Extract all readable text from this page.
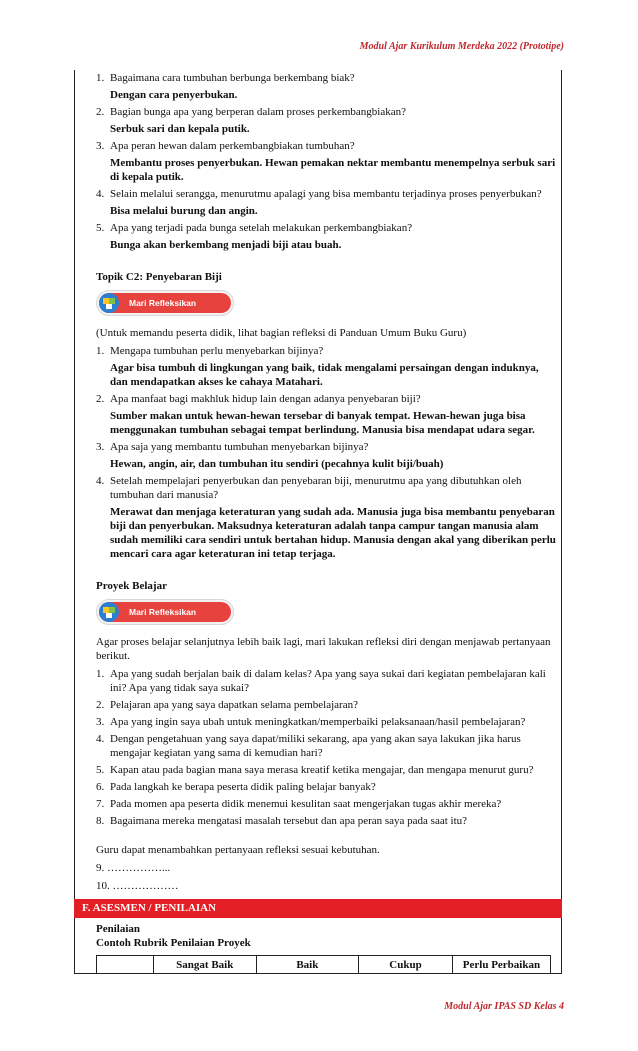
Modul Ajar Kurikulum Merdeka 2022 (Prototipe)
1. Bagaimana cara tumbuhan berbunga berkembang biak?
Dengan cara penyerbukan.
2. Bagian bunga apa yang berperan dalam proses perkembangbiakan?
Serbuk sari dan kepala putik.
3. Apa peran hewan dalam perkembangbiakan tumbuhan?
Membantu proses penyerbukan. Hewan pemakan nektar membantu menempelnya serbuk sari di kepala putik.
4. Selain melalui serangga, menurutmu apalagi yang bisa membantu terjadinya proses penyerbukan?
Bisa melalui burung dan angin.
5. Apa yang terjadi pada bunga setelah melakukan perkembangbiakan?
Bunga akan berkembang menjadi biji atau buah.
Topik C2: Penyebaran Biji
Mari Refleksikan

(Untuk memandu peserta didik, lihat bagian refleksi di Panduan Umum Buku Guru)

1. Mengapa tumbuhan perlu menyebarkan bijinya?
Agar bisa tumbuh di lingkungan yang baik, tidak mengalami persaingan dengan induknya, dan mendapatkan akses ke cahaya Matahari.
2. Apa manfaat bagi makhluk hidup lain dengan adanya penyebaran biji?
Sumber makan untuk hewan-hewan tersebar di banyak tempat. Hewan-hewan juga bisa menggunakan tumbuhan sebagai tempat berlindung. Manusia bisa mendapat udara segar.
3. Apa saja yang membantu tumbuhan menyebarkan bijinya?
Hewan, angin, air, dan tumbuhan itu sendiri (pecahnya kulit biji/buah)
4. Setelah mempelajari penyerbukan dan penyebaran biji, menurutmu apa yang dibutuhkan oleh tumbuhan dari manusia?
Merawat dan menjaga keteraturan yang sudah ada. Manusia juga bisa membantu penyebaran biji dan penyerbukan. Maksudnya keteraturan adalah tanpa campur tangan manusia alam sudah memiliki cara sendiri untuk bertahan hidup. Manusia dengan akal yang diberikan perlu mencari cara agar keteraturan ini tetap terjaga.
Proyek Belajar
Mari Refleksikan

Agar proses belajar selanjutnya lebih baik lagi, mari lakukan refleksi diri dengan menjawab pertanyaan berikut.

1. Apa yang sudah berjalan baik di dalam kelas? Apa yang saya sukai dari kegiatan pembelajaran kali ini? Apa yang tidak saya sukai?
2. Pelajaran apa yang saya dapatkan selama pembelajaran?
3. Apa yang ingin saya ubah untuk meningkatkan/memperbaiki pelaksanaan/hasil pembelajaran?
4. Dengan pengetahuan yang saya dapat/miliki sekarang, apa yang akan saya lakukan jika harus mengajar kegiatan yang sama di kemudian hari?
5. Kapan atau pada bagian mana saya merasa kreatif ketika mengajar, dan mengapa menurut guru?
6. Pada langkah ke berapa peserta didik paling belajar banyak?
7. Pada momen apa peserta didik menemui kesulitan saat mengerjakan tugas akhir mereka?
8. Bagaimana mereka mengatasi masalah tersebut dan apa peran saya pada saat itu?

Guru dapat menambahkan pertanyaan refleksi sesuai kebutuhan.

9. ……………...

10. ………………

F. ASESMEN / PENILAIAN
Penilaian
Contoh Rubrik Penilaian Proyek
	Sangat Baik	Baik	Cukup	Perlu Perbaikan
Modul Ajar IPAS SD Kelas 4
